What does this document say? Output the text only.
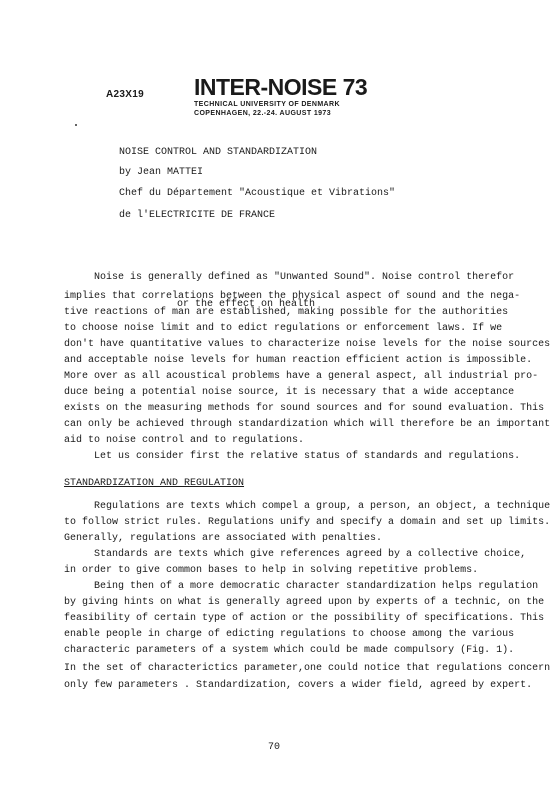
A23X19 INTER-NOISE 73
TECHNICAL UNIVERSITY OF DENMARK
COPENHAGEN, 22.-24. AUGUST 1973
NOISE CONTROL AND STANDARDIZATION
by Jean MATTEI
Chef du Département "Acoustique et Vibrations"
de l'ELECTRICITE DE FRANCE
Noise is generally defined as "Unwanted Sound". Noise control therefor
or the effect on health
implies that correlations between the physical aspect of sound and the nega-
tive reactions of man are established, making possible for the authorities
to choose noise limit and to edict regulations or enforcement laws. If we
don't have quantitative values to characterize noise levels for the noise sources
and acceptable noise levels for human reaction efficient action is impossible.
More over as all acoustical problems have a general aspect, all industrial pro-
duce being a potential noise source, it is necessary that a wide acceptance
exists on the measuring methods for sound sources and for sound evaluation. This
can only be achieved through standardization which will therefore be an important
aid to noise control and to regulations.
Let us consider first the relative status of standards and regulations.
STANDARDIZATION AND REGULATION
Regulations are texts which compel a group, a person, an object, a technique
to follow strict rules. Regulations unify and specify a domain and set up limits.
Generally, regulations are associated with penalties.
Standards are texts which give references agreed by a collective choice,
in order to give common bases to help in solving repetitive problems.
Being then of a more democratic character standardization helps regulation
by giving hints on what is generally agreed upon by experts of a technic, on the
feasibility of certain type of action or the possibility of specifications. This
enable people in charge of edicting regulations to choose among the various
characteric parameters of a system which could be made compulsory (Fig. 1).
In the set of characterictics parameter,one could notice that regulations concern
only few parameters . Standardization, covers a wider field, agreed by expert.
70
